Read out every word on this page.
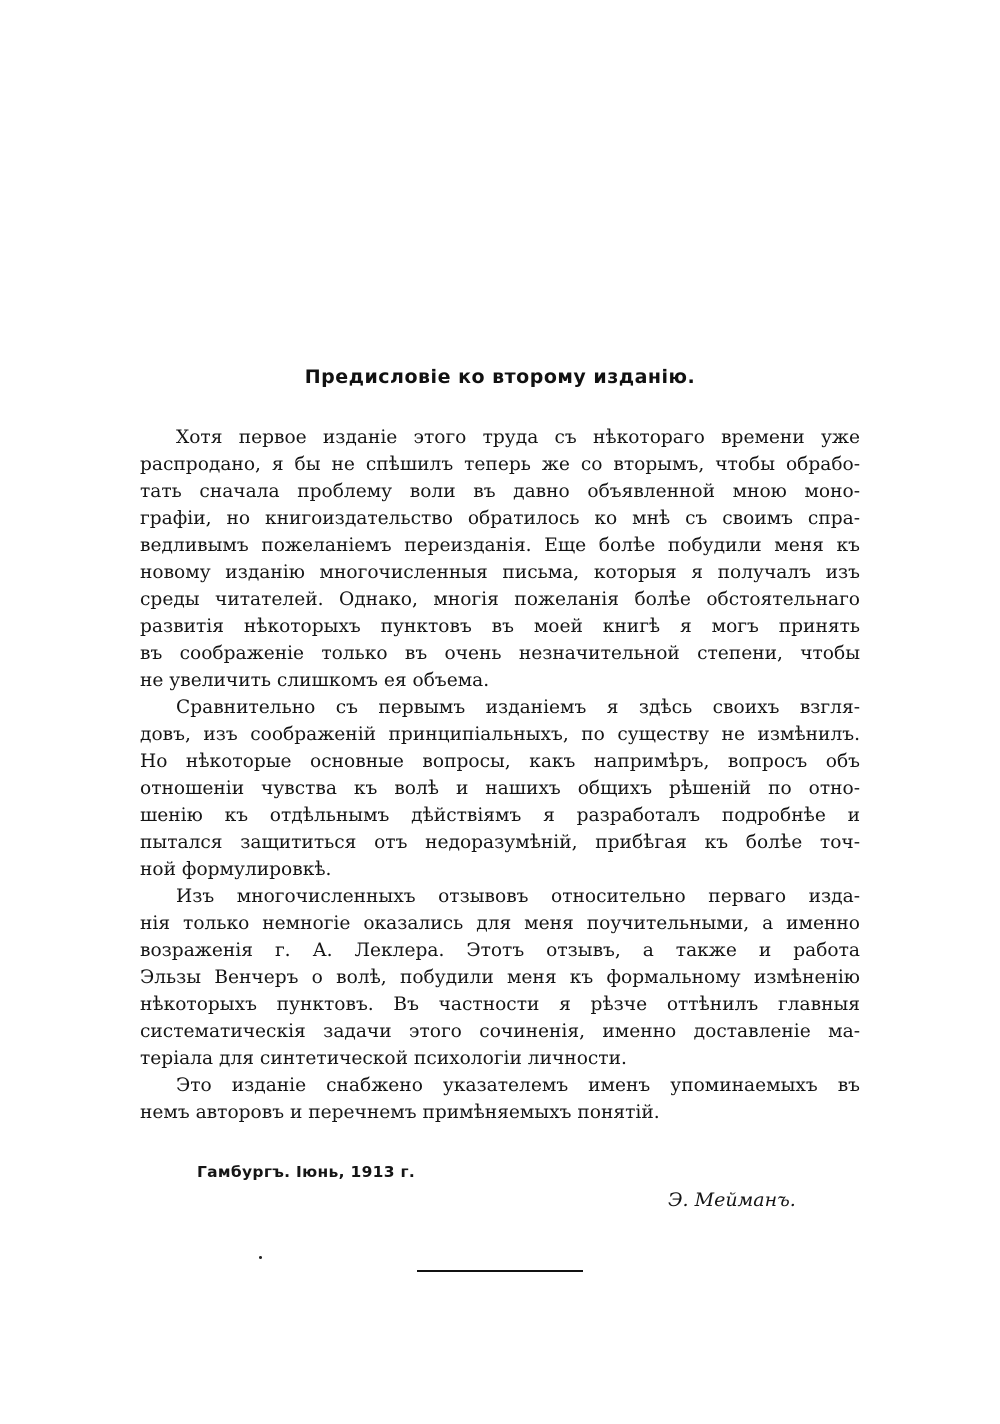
Предисловіе ко второму изданію.
Хотя первое изданіе этого труда съ нѣкотораго времени уже
распродано, я бы не спѣшилъ теперь же со вторымъ, чтобы обрабо-
тать сначала проблему воли въ давно объявленной мною моно-
графіи, но книгоиздательство обратилось ко мнѣ съ своимъ спра-
ведливымъ пожеланіемъ переизданія. Еще болѣе побудили меня къ
новому изданію многочисленныя письма, которыя я получалъ изъ
среды читателей. Однако, многія пожеланія болѣе обстоятельнаго
развитія нѣкоторыхъ пунктовъ въ моей книгѣ я могъ принять
въ соображеніе только въ очень незначительной степени, чтобы
не увеличить слишкомъ ея объема.
Сравнительно съ первымъ изданіемъ я здѣсь своихъ взгля-
довъ, изъ соображеній принципіальныхъ, по существу не измѣнилъ.
Но нѣкоторые основные вопросы, какъ напримѣръ, вопросъ объ
отношеніи чувства къ волѣ и нашихъ общихъ рѣшеній по отно-
шенію къ отдѣльнымъ дѣйствіямъ я разработалъ подробнѣе и
пытался защититься отъ недоразумѣній, прибѣгая къ болѣе точ-
ной формулировкѣ.
Изъ многочисленныхъ отзывовъ относительно перваго изда-
нія только немногіе оказались для меня поучительными, а именно
возраженія г. А. Леклера. Этотъ отзывъ, а также и работа
Эльзы Венчеръ о волѣ, побудили меня къ формальному измѣненію
нѣкоторыхъ пунктовъ. Въ частности я рѣзче оттѣнилъ главныя
систематическія задачи этого сочиненія, именно доставленіе ма-
теріала для синтетической психологіи личности.
Это изданіе снабжено указателемъ именъ упоминаемыхъ въ
немъ авторовъ и перечнемъ примѣняемыхъ понятій.
Гамбургъ. Іюнь, 1913 г.
Э. Мейманъ.
